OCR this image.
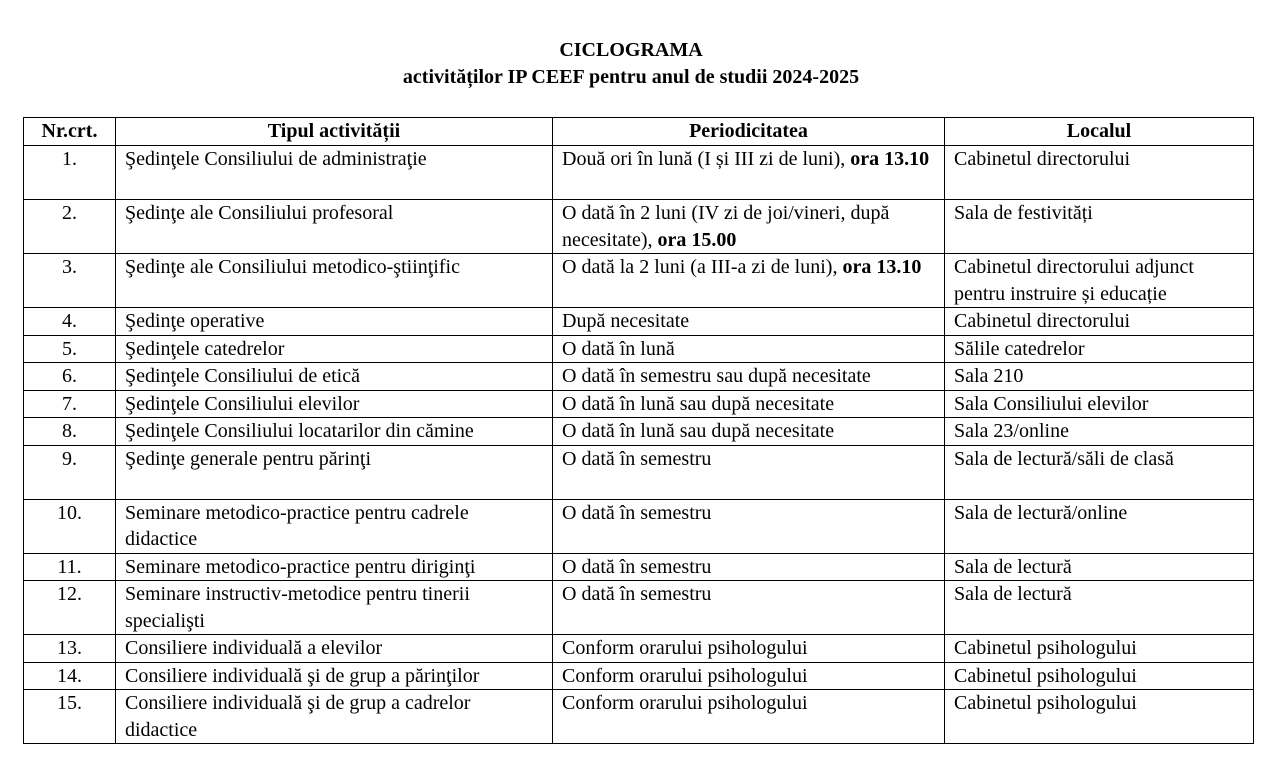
CICLOGRAMA
activităților IP CEEF pentru anul de studii 2024-2025
Nr.crt.	Tipul activității	Periodicitatea	Localul
1.	Şedinţele Consiliului de administraţie	Două ori în lună (I și III zi de luni), ora 13.10	Cabinetul directorului
2.	Şedinţe ale Consiliului profesoral	O dată în 2 luni (IV zi de joi/vineri, după necesitate), ora 15.00	Sala de festivități
3.	Şedinţe ale Consiliului metodico-ştiinţific	O dată la 2 luni (a III-a zi de luni), ora 13.10	Cabinetul directorului adjunct pentru instruire și educație
4.	Şedinţe operative	După necesitate	Cabinetul directorului
5.	Şedinţele catedrelor	O dată în lună	Sălile catedrelor
6.	Şedinţele Consiliului de etică	O dată în semestru sau după necesitate	Sala 210
7.	Şedinţele Consiliului elevilor	O dată în lună sau după necesitate	Sala Consiliului elevilor
8.	Şedinţele Consiliului locatarilor din cămine	O dată în lună sau după necesitate	Sala 23/online
9.	Şedinţe generale pentru părinţi	O dată în semestru	Sala de lectură/săli de clasă
10.	Seminare metodico-practice pentru cadrele didactice	O dată în semestru	Sala de lectură/online
11.	Seminare metodico-practice pentru diriginţi	O dată în semestru	Sala de lectură
12.	Seminare instructiv-metodice pentru tinerii specialişti	O dată în semestru	Sala de lectură
13.	Consiliere individuală a elevilor	Conform orarului psihologului	Cabinetul psihologului
14.	Consiliere individuală şi de grup a părinţilor	Conform orarului psihologului	Cabinetul psihologului
15.	Consiliere individuală şi de grup a cadrelor didactice	Conform orarului psihologului	Cabinetul psihologului
